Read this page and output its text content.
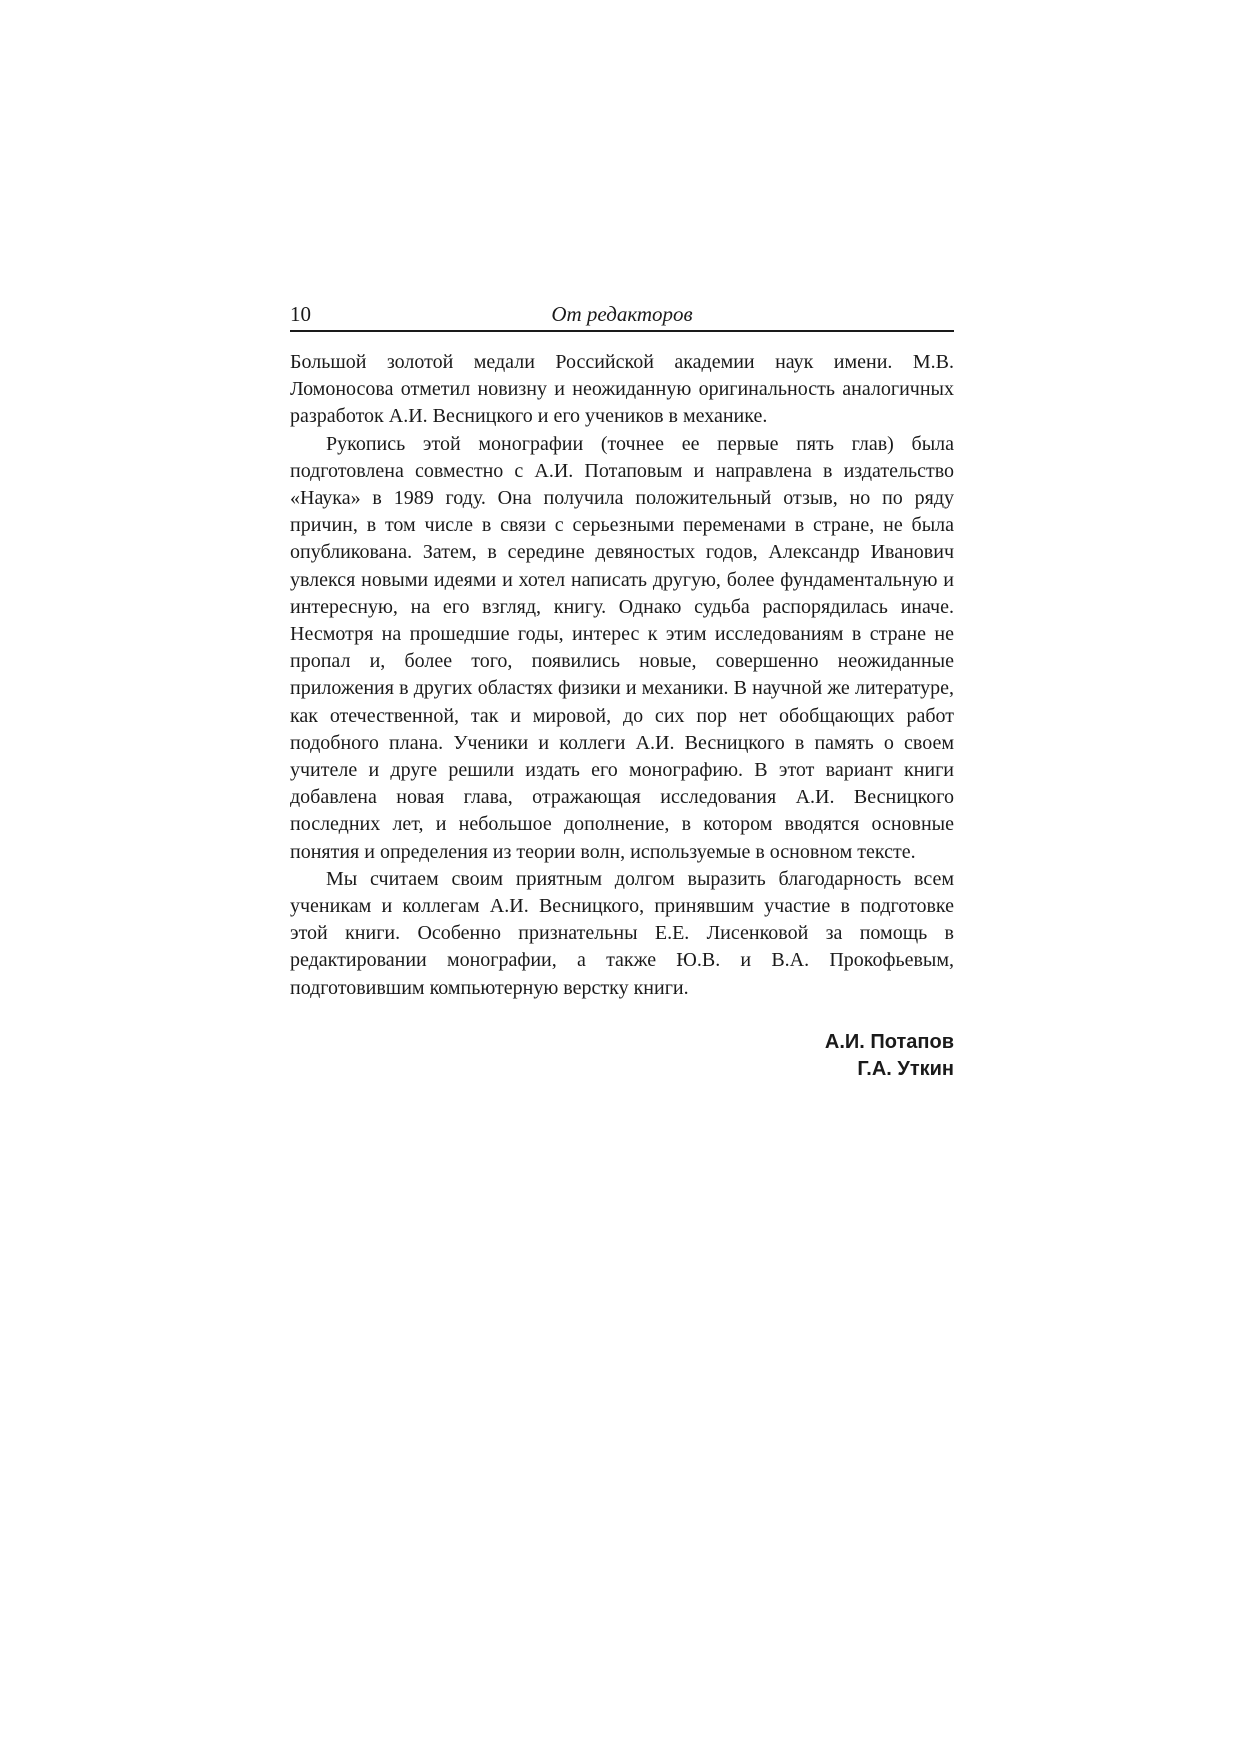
10	От редакторов

Большой золотой медали Российской академии наук имени. М.В. Ломоносова отметил новизну и неожиданную оригинальность аналогичных разработок А.И. Весницкого и его учеников в механике.

Рукопись этой монографии (точнее ее первые пять глав) была подготовлена совместно с А.И. Потаповым и направлена в издательство «Наука» в 1989 году. Она получила положительный отзыв, но по ряду причин, в том числе в связи с серьезными переменами в стране, не была опубликована. Затем, в середине девяностых годов, Александр Иванович увлекся новыми идеями и хотел написать другую, более фундаментальную и интересную, на его взгляд, книгу. Однако судьба распорядилась иначе. Несмотря на прошедшие годы, интерес к этим исследованиям в стране не пропал и, более того, появились новые, совершенно неожиданные приложения в других областях физики и механики. В научной же литературе, как отечественной, так и мировой, до сих пор нет обобщающих работ подобного плана. Ученики и коллеги А.И. Весницкого в память о своем учителе и друге решили издать его монографию. В этот вариант книги добавлена новая глава, отражающая исследования А.И. Весницкого последних лет, и небольшое дополнение, в котором вводятся основные понятия и определения из теории волн, используемые в основном тексте.

Мы считаем своим приятным долгом выразить благодарность всем ученикам и коллегам А.И. Весницкого, принявшим участие в подготовке этой книги. Особенно признательны Е.Е. Лисенковой за помощь в редактировании монографии, а также Ю.В. и В.А. Прокофьевым, подготовившим компьютерную верстку книги.

А.И. Потапов
Г.А. Уткин
